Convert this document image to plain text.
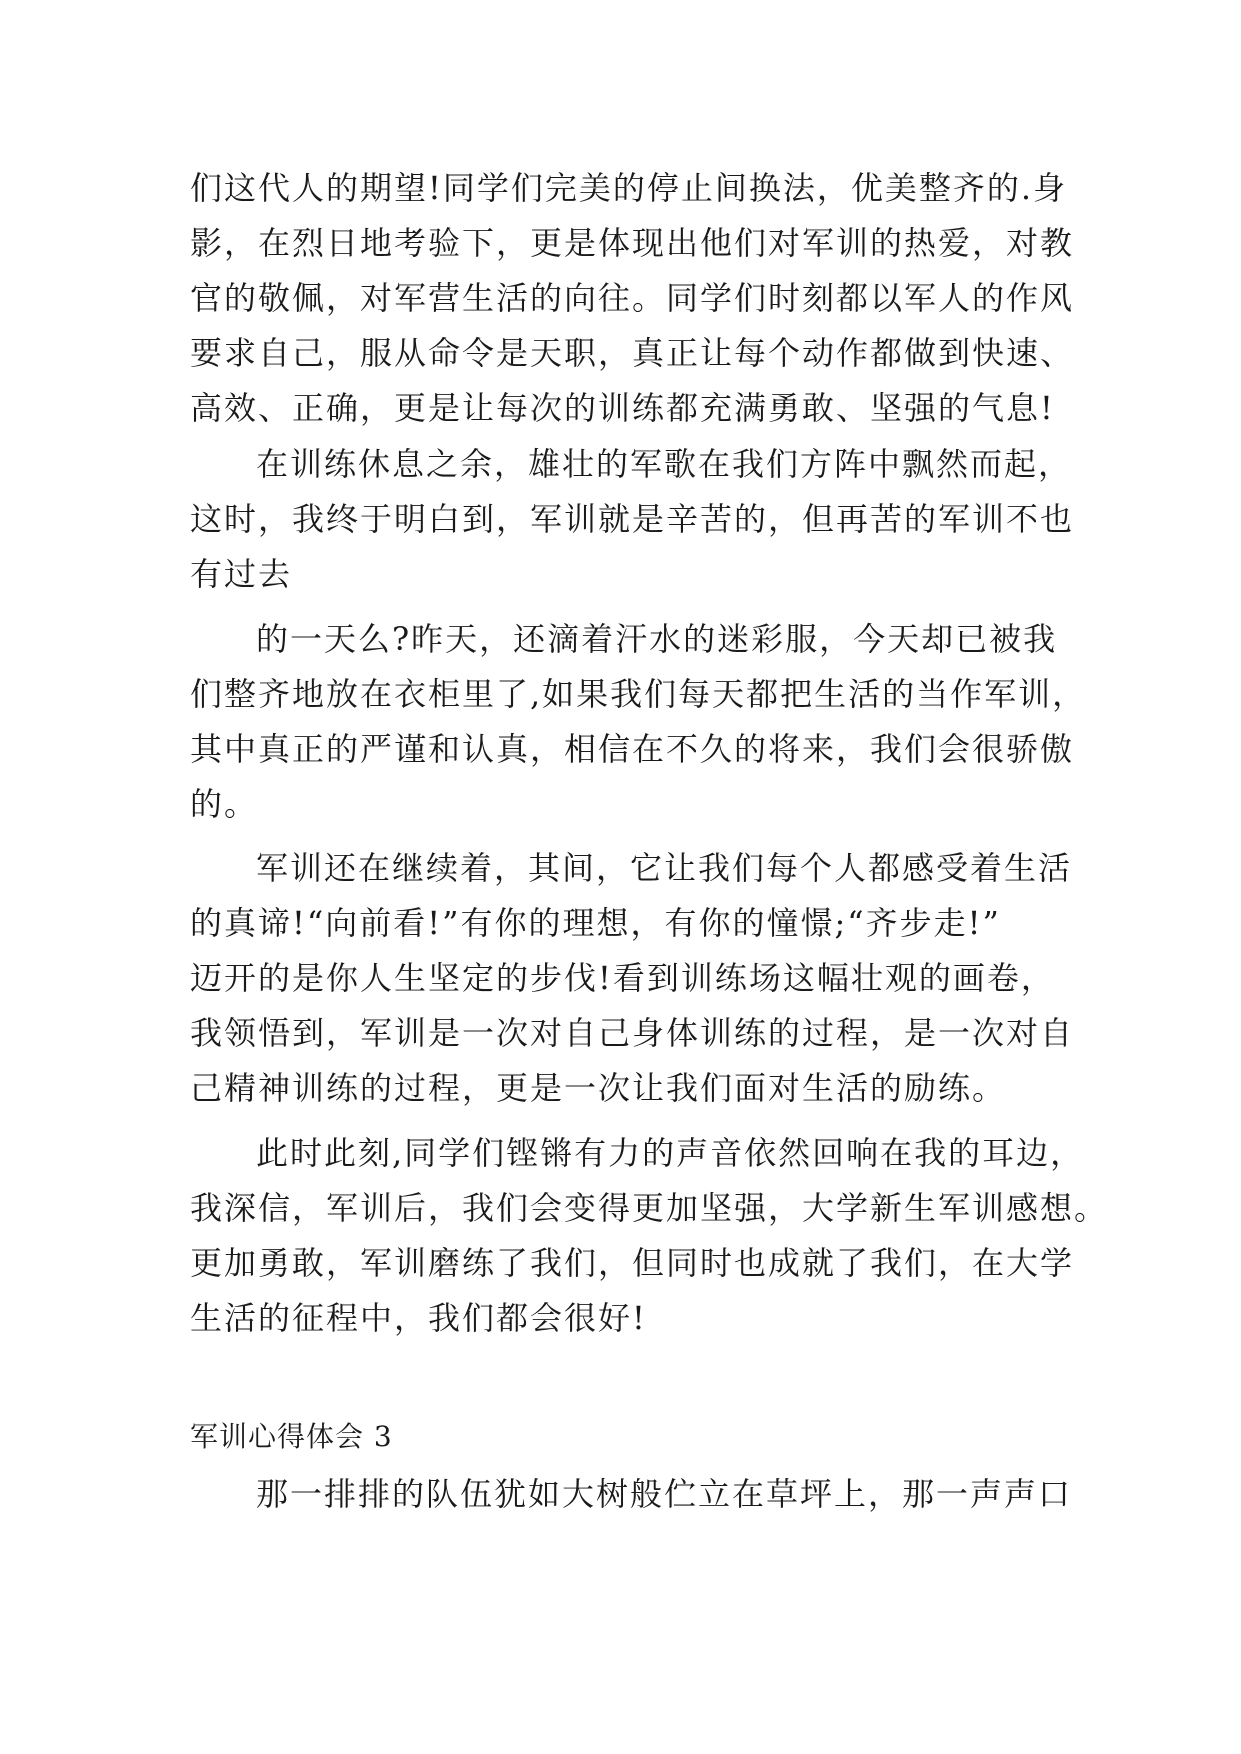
们这代人的期望!同学们完美的停止间换法，优美整齐的.身
影，在烈日地考验下，更是体现出他们对军训的热爱，对教
官的敬佩，对军营生活的向往。同学们时刻都以军人的作风
要求自己，服从命令是天职，真正让每个动作都做到快速、
高效、正确，更是让每次的训练都充满勇敢、坚强的气息!
在训练休息之余，雄壮的军歌在我们方阵中飘然而起，
这时，我终于明白到，军训就是辛苦的，但再苦的军训不也
有过去
的一天么?昨天，还滴着汗水的迷彩服，今天却已被我
们整齐地放在衣柜里了,如果我们每天都把生活的当作军训，
其中真正的严谨和认真，相信在不久的将来，我们会很骄傲
的。
军训还在继续着，其间，它让我们每个人都感受着生活
的真谛!“向前看!”有你的理想，有你的憧憬;“齐步走!”
迈开的是你人生坚定的步伐!看到训练场这幅壮观的画卷，
我领悟到，军训是一次对自己身体训练的过程，是一次对自
己精神训练的过程，更是一次让我们面对生活的励练。
此时此刻,同学们铿锵有力的声音依然回响在我的耳边，
我深信，军训后，我们会变得更加坚强，大学新生军训感想。
更加勇敢，军训磨练了我们，但同时也成就了我们，在大学
生活的征程中，我们都会很好!
军训心得体会 3
那一排排的队伍犹如大树般伫立在草坪上，那一声声口
